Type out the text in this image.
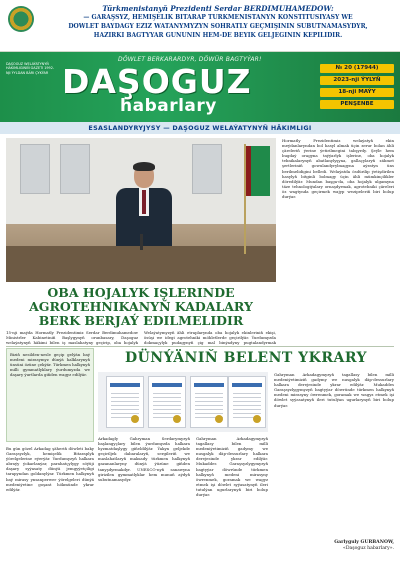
Türkmenistanyň Prezidenti Serdar BERDIMUHAMEDOW:
— GARAŞSYZ, HEMIŞELIK BITARAP TÜRKMENISTANYŇ KONSTITUSIÝASY WE
DÖWLET BAÝDAGY EZIZ WATANYMYZYŇ SÖHRATLY GEÇMIŞINIŇ SUBUTNAMASYDYR,
HÄZIRKI BAGTYÝAR GÜNÜNIŇ HEM-DE BEÝIK GELJEGINIŇ KEPILIDIR.
DAŞOGUZ WELAÝATYNYŇ HÄKIMLIGINIŇ GAZETI 1992-NJI ÝYLDAN BÄRI ÇYKÝAR
DÖWLET BERKARARDYR, DÖWÜR BAGTYÝAR!
DAŞOGUZ
habarlary
№ 20 (17944)
2023-nji ÝYLYŇ
18-nji MAÝY
PENŞENBE
ESASLANDYRYJYSY — DAŞOGUZ WELAÝATYNYŇ HÄKIMLIGI
Hormatly Prezidentimiz welaýatyň ekin meýdanlaryndan bol hasyl almak üçin zerur bolan ähli çäreleriň ýerine ýetirilmegini tabşyrdy. Şeýle hem bugdaý oragyna taýýarlyk işlerine, oba hojalyk tehnikalarynyň abatlanylyşyna, gallaçylaryň zähmet şertleriniň gowulandyrylmagyna aýratyn üns berilmelidigini belledi. Welaýatda ösdürilip ýetişdirilen hasylyň bitginli bolmagy üçin ähli mümkinçilikler döredilýär. Mundan başga-da, oba hojalyk ulgamyna täze tehnologiýalary ornaşdyrmak, agrotehniki çäreleri öz wagtynda geçirmek wajyp wezipeleriň biri bolup durýar.
OBA HOJALYK IŞLERINDE
AGROTEHNIKANYŇ KADALARY
BERK BERJAÝ EDILMELIDIR
15-nji maýda Hormatly Prezidentimiz Serdar Berdimuhamedow Ministrler Kabinetiniň Başlygynyň orunbasary, Daşoguz welaýatynyň häkimi bilen iş maslahatyny geçirip, oba hojalyk
Welaýatymyzyň ähli etraplarynda oba hojalyk ekinleriniň ekişi, ösüşi we idegi agrotehniki möhletlerde geçirilýär. Ýurdumyzda dokmaçylyk pudagynyň çig mal binýadyny pugtalandyrmak
Biziň nesilden-nesle geçip gelýän baý medeni mirasymyz dünýä halklarynyň ünsüni özüne çekýär. Türkmen halkynyň milli gymmatlyklary ýurdumyzda we daşary ýurtlarda giňden wagyz edilýär.
DÜNÝÄNIŇ BELENT YKRARY
Bu gün gözel Arkadag şäheriň döwleti baky Garaşsyzlyk, hemişelik Bitaraplyk ýörelgelerine eýerýär. Ýurdumyzyň halkara abraýy ýokarlanýar, parahatçylygy söýüji daşary syýasaty dünýä jemgyýetçiligi tarapyndan goldanylýar. Türkmen halkynyň baý mirasy ynsanperwer ýörelgeleri dünýä medeniýetine goşant hökmünde ykrar edilýär.
Arkadagly Gahryman Serdarymyzyň başlangyçlary bilen ýurdumyzda halkara hyzmatdaşlygy giňeldilýär. Ýakyn geljekde geçiriljek dabaralaryň, sergileriň we maslahatlaryň maksady türkmen halkynyň gazananlaryny dünýä ýüzüne giňden tanyşdyrmakdyr. UNESCO-nyň sanawyna girizilen gymmatlyklar hem munuň aýdyň subutnamasydyr.
Gahryman Arkadagymyzyň tagallasy bilen milli medeniýetimiziň gadymy we nusgalyk däp-dessurlary halkara derejesinde ykrar edilýär. Mukaddes Garaşsyzlygymyzyň bagtyýar döwründe türkmen halkynyň medeni mirasyny öwrenmek, goramak we wagyz etmek işi döwlet syýasatynyň ileri tutulýan ugurlarynyň biri bolup durýar.
Gahryman Arkadagymyzyň tagallasy bilen milli medeniýetimiziň gadymy we nusgalyk däp-dessurlary halkara derejesinde ykrar edilýär. Mukaddes Garaşsyzlygymyzyň bagtyýar döwründe türkmen halkynyň medeni mirasyny öwrenmek, goramak we wagyz etmek işi döwlet syýasatynyň ileri tutulýan ugurlarynyň biri bolup durýar.
Garlyguly GURBANOW,
«Daşoguz habarlary».
